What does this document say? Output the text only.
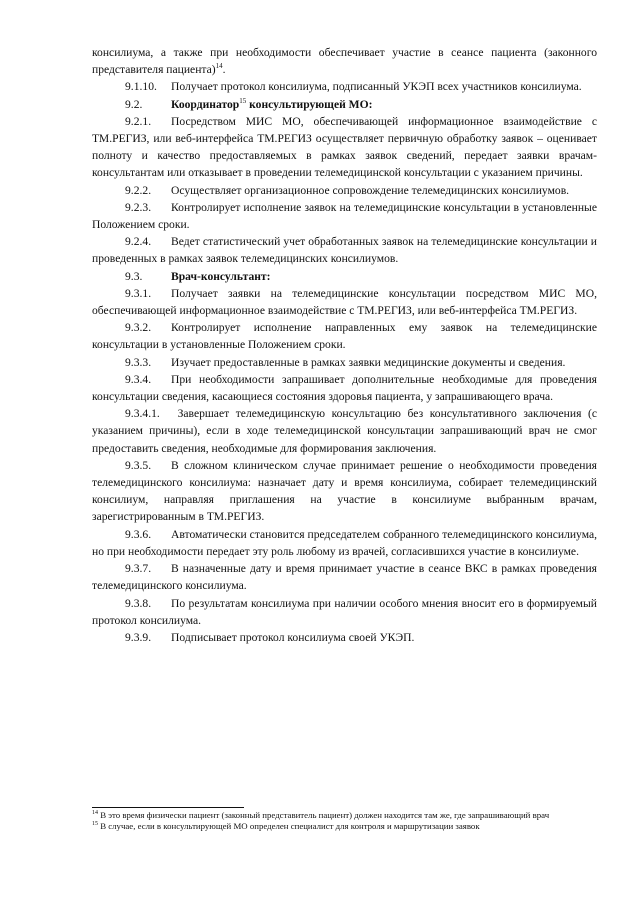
консилиума, а также при необходимости обеспечивает участие в сеансе пациента (законного представителя пациента)$^{14}$.

9.1.10. Получает протокол консилиума, подписанный УКЭП всех участников консилиума.

9.2. Координатор$^{15}$ консультирующей МО:

9.2.1. Посредством МИС МО, обеспечивающей информационное взаимодействие с ТМ.РЕГИЗ, или веб-интерфейса ТМ.РЕГИЗ осуществляет первичную обработку заявок – оценивает полноту и качество предоставляемых в рамках заявок сведений, передает заявки врачам-консультантам или отказывает в проведении телемедицинской консультации с указанием причины.

9.2.2. Осуществляет организационное сопровождение телемедицинских консилиумов.

9.2.3. Контролирует исполнение заявок на телемедицинские консультации в установленные Положением сроки.

9.2.4. Ведет статистический учет обработанных заявок на телемедицинские консультации и проведенных в рамках заявок телемедицинских консилиумов.

9.3. Врач-консультант:

9.3.1. Получает заявки на телемедицинские консультации посредством МИС МО, обеспечивающей информационное взаимодействие с ТМ.РЕГИЗ, или веб-интерфейса ТМ.РЕГИЗ.

9.3.2. Контролирует исполнение направленных ему заявок на телемедицинские консультации в установленные Положением сроки.

9.3.3. Изучает предоставленные в рамках заявки медицинские документы и сведения.

9.3.4. При необходимости запрашивает дополнительные необходимые для проведения консультации сведения, касающиеся состояния здоровья пациента, у запрашивающего врача.

9.3.4.1. Завершает телемедицинскую консультацию без консультативного заключения (с указанием причины), если в ходе телемедицинской консультации запрашивающий врач не смог предоставить сведения, необходимые для формирования заключения.

9.3.5. В сложном клиническом случае принимает решение о необходимости проведения телемедицинского консилиума: назначает дату и время консилиума, собирает телемедицинский консилиум, направляя приглашения на участие в консилиуме выбранным врачам, зарегистрированным в ТМ.РЕГИЗ.

9.3.6. Автоматически становится председателем собранного телемедицинского консилиума, но при необходимости передает эту роль любому из врачей, согласившихся участие в консилиуме.

9.3.7. В назначенные дату и время принимает участие в сеансе ВКС в рамках проведения телемедицинского консилиума.

9.3.8. По результатам консилиума при наличии особого мнения вносит его в формируемый протокол консилиума.

9.3.9. Подписывает протокол консилиума своей УКЭП.

$^{14}$ В это время физически пациент (законный представитель пациент) должен находится там же, где запрашивающий врач

$^{15}$ В случае, если в консультирующей МО определен специалист для контроля и маршрутизации заявок
